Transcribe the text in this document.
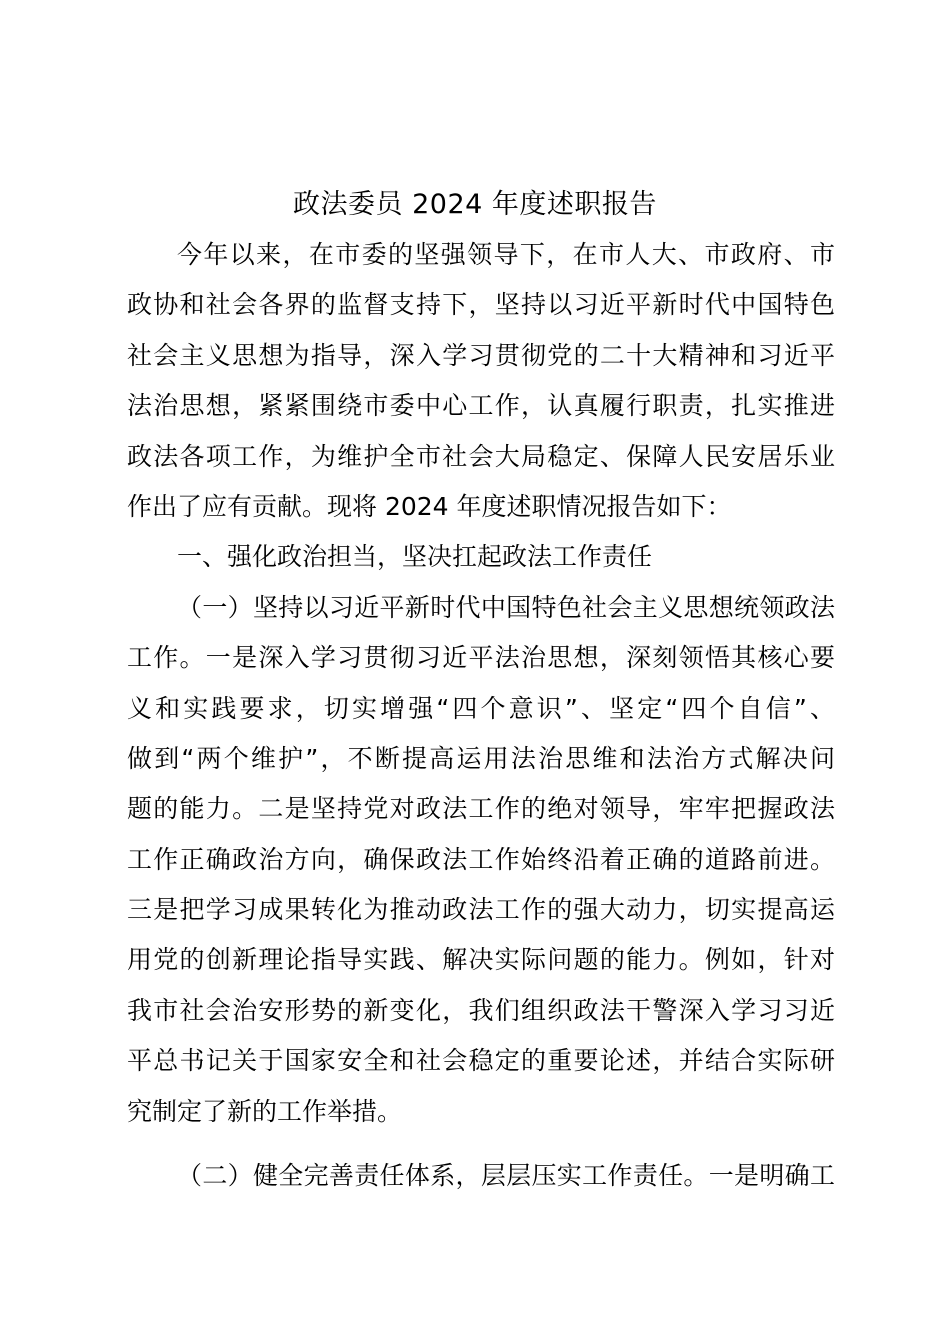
政法委员 2024 年度述职报告
今年以来，在市委的坚强领导下，在市人大、市政府、市
政协和社会各界的监督支持下，坚持以习近平新时代中国特色
社会主义思想为指导，深入学习贯彻党的二十大精神和习近平
法治思想，紧紧围绕市委中心工作，认真履行职责，扎实推进
政法各项工作，为维护全市社会大局稳定、保障人民安居乐业
作出了应有贡献。现将 2024 年度述职情况报告如下：
一、强化政治担当，坚决扛起政法工作责任
（一）坚持以习近平新时代中国特色社会主义思想统领政法
工作。一是深入学习贯彻习近平法治思想，深刻领悟其核心要
义和实践要求，切实增强“四个意识”、坚定“四个自信”、
做到“两个维护”，不断提高运用法治思维和法治方式解决问
题的能力。二是坚持党对政法工作的绝对领导，牢牢把握政法
工作正确政治方向，确保政法工作始终沿着正确的道路前进。
三是把学习成果转化为推动政法工作的强大动力，切实提高运
用党的创新理论指导实践、解决实际问题的能力。例如，针对
我市社会治安形势的新变化，我们组织政法干警深入学习习近
平总书记关于国家安全和社会稳定的重要论述，并结合实际研
究制定了新的工作举措。
（二）健全完善责任体系，层层压实工作责任。一是明确工
